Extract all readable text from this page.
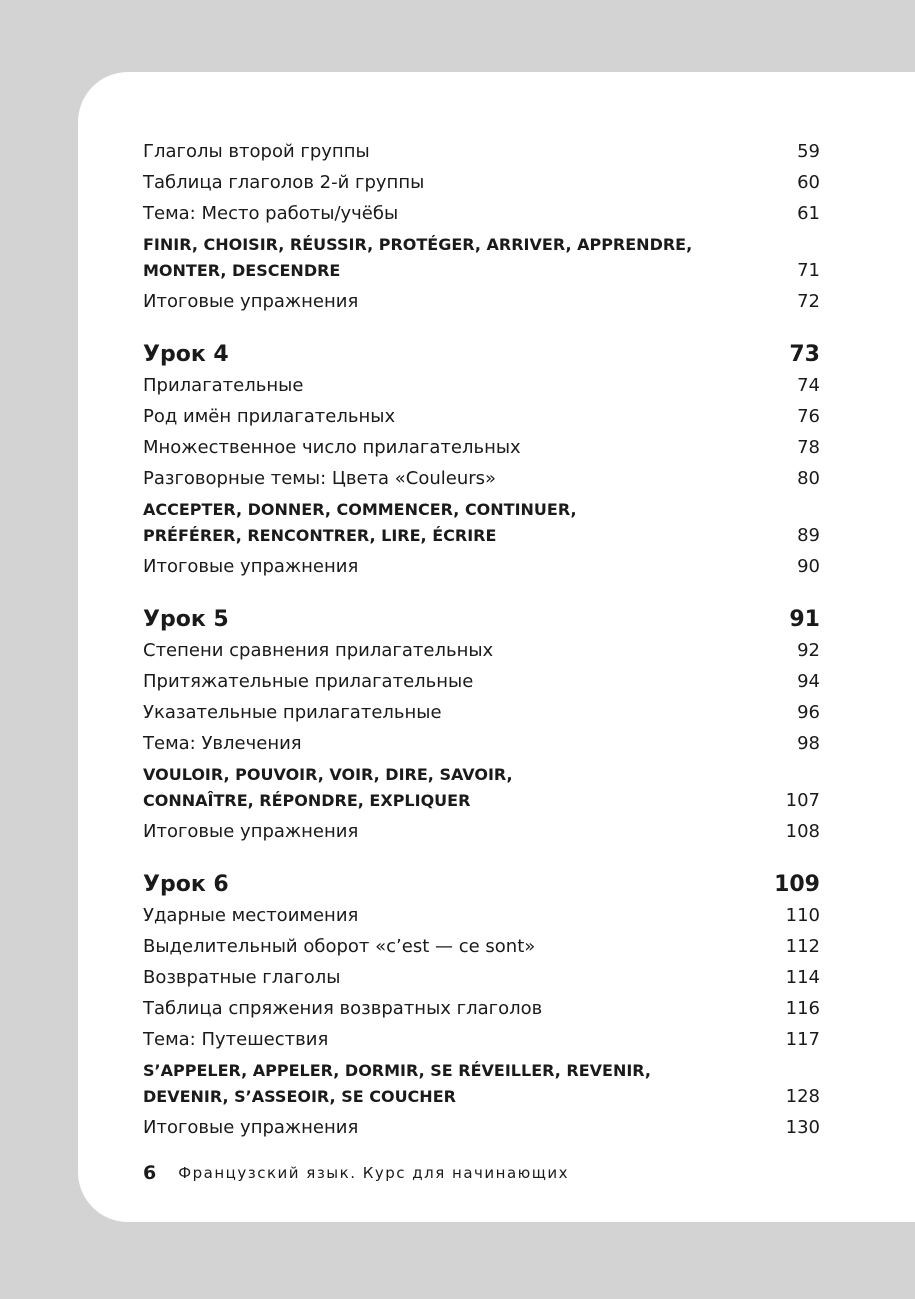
Глаголы второй группы	59
Таблица глаголов 2-й группы	60
Тема: Место работы/учёбы	61
FINIR, CHOISIR, RÉUSSIR, PROTÉGER, ARRIVER, APPRENDRE,
MONTER, DESCENDRE	71
Итоговые упражнения	72
Урок 4	73
Прилагательные	74
Род имён прилагательных	76
Множественное число прилагательных	78
Разговорные темы: Цвета «Couleurs»	80
ACCEPTER, DONNER, COMMENCER, CONTINUER,
PRÉFÉRER, RENCONTRER, LIRE, ÉCRIRE	89
Итоговые упражнения	90
Урок 5	91
Степени сравнения прилагательных	92
Притяжательные прилагательные	94
Указательные прилагательные	96
Тема: Увлечения	98
VOULOIR, POUVOIR, VOIR, DIRE, SAVOIR,
CONNAÎTRE, RÉPONDRE, EXPLIQUER	107
Итоговые упражнения	108
Урок 6	109
Ударные местоимения	110
Выделительный оборот «c’est — ce sont»	112
Возвратные глаголы	114
Таблица спряжения возвратных глаголов	116
Тема: Путешествия	117
S’APPELER, APPELER, DORMIR, SE RÉVEILLER, REVENIR,
DEVENIR, S’ASSEOIR, SE COUCHER	128
Итоговые упражнения	130
6 Французский язык. Курс для начинающих
